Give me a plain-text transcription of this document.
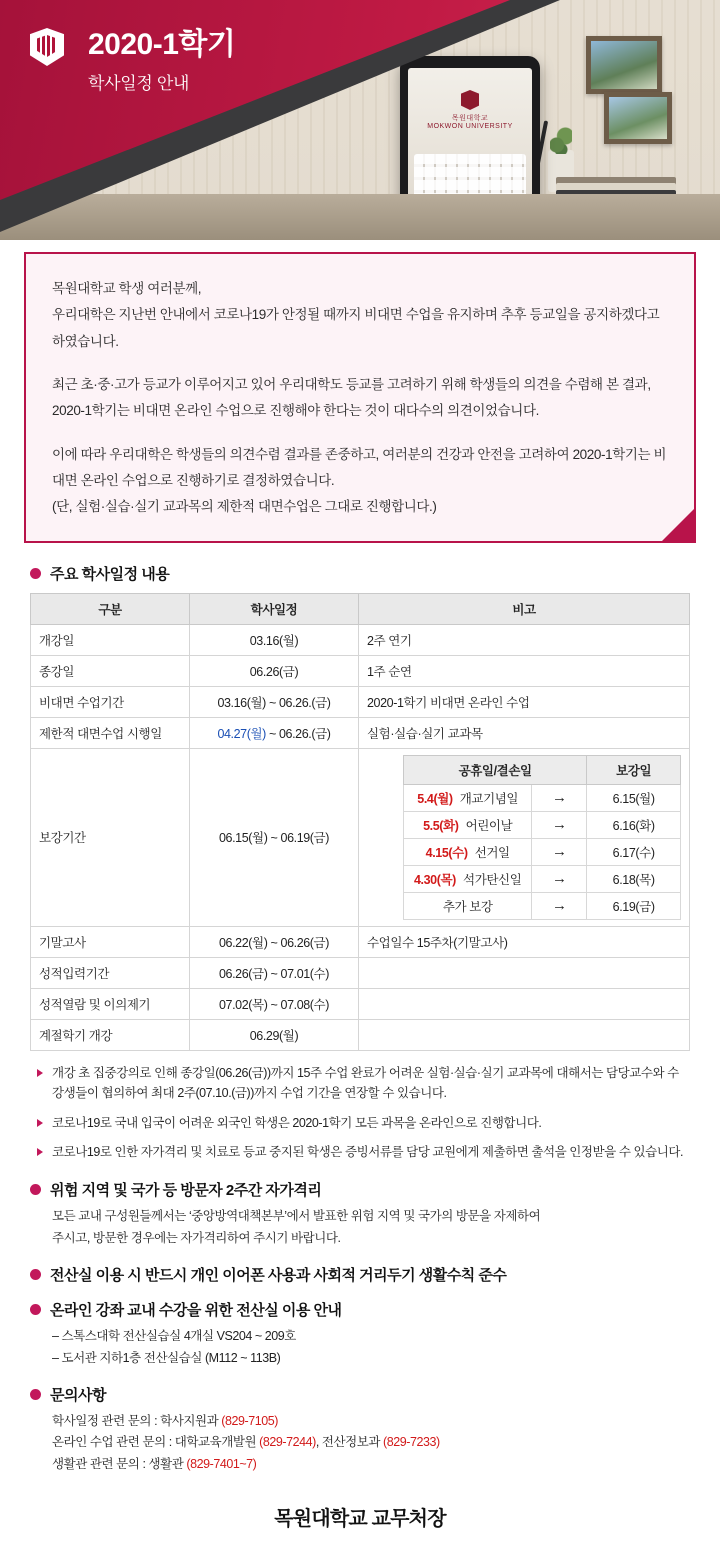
목원대학교
MOKWON UNIVERSITY
2020-1학기
학사일정 안내

목원대학교 학생 여러분께,
우리대학은 지난번 안내에서 코로나19가 안정될 때까지 비대면 수업을 유지하며 추후 등교일을 공지하겠다고 하였습니다.

최근 초·중·고가 등교가 이루어지고 있어 우리대학도 등교를 고려하기 위해 학생들의 의견을 수렴해 본 결과, 2020-1학기는 비대면 온라인 수업으로 진행해야 한다는 것이 대다수의 의견이었습니다.

이에 따라 우리대학은 학생들의 의견수렴 결과를 존중하고, 여러분의 건강과 안전을 고려하여 2020-1학기는 비대면 온라인 수업으로 진행하기로 결정하였습니다.
(단, 실험·실습·실기 교과목의 제한적 대면수업은 그대로 진행합니다.)

주요 학사일정 내용
구분	학사일정	비고
개강일	03.16(월)	2주 연기
종강일	06.26(금)	1주 순연
비대면 수업기간	03.16(월) ~ 06.26.(금)	2020-1학기 비대면 온라인 수업
제한적 대면수업 시행일	04.27(월) ~ 06.26.(금)	실험·실습·실기 교과목
보강기간	06.15(월) ~ 06.19(금)	
공휴일/결손일	보강일
5.4(월) 개교기념일	→	6.15(월)
5.5(화) 어린이날	→	6.16(화)
4.15(수) 선거일	→	6.17(수)
4.30(목) 석가탄신일	→	6.18(목)
추가 보강	→	6.19(금)

기말고사	06.22(월) ~ 06.26(금)	수업일수 15주차(기말고사)
성적입력기간	06.26(금) ~ 07.01(수)	
성적열람 및 이의제기	07.02(목) ~ 07.08(수)	
계절학기 개강	06.29(월)	
개강 초 집중강의로 인해 종강일(06.26(금))까지 15주 수업 완료가 어려운 실험·실습·실기 교과목에 대해서는 담당교수와 수강생들이 협의하여 최대 2주(07.10.(금))까지 수업 기간을 연장할 수 있습니다.
코로나19로 국내 입국이 어려운 외국인 학생은 2020-1학기 모든 과목을 온라인으로 진행합니다.
코로나19로 인한 자가격리 및 치료로 등교 중지된 학생은 증빙서류를 담당 교원에게 제출하면 출석을 인정받을 수 있습니다.
위험 지역 및 국가 등 방문자 2주간 자가격리
모든 교내 구성원들께서는 ‘중앙방역대책본부’에서 발표한 위험 지역 및 국가의 방문을 자제하여
주시고, 방문한 경우에는 자가격리하여 주시기 바랍니다.
전산실 이용 시 반드시 개인 이어폰 사용과 사회적 거리두기 생활수칙 준수
온라인 강좌 교내 수강을 위한 전산실 이용 안내
– 스톡스대학 전산실습실 4개실 VS204 ~ 209호
– 도서관 지하1층 전산실습실 (M112 ~ 113B)
문의사항
학사일정 관련 문의 : 학사지원과 (829-7105)
온라인 수업 관련 문의 : 대학교육개발원 (829-7244), 전산정보과 (829-7233)
생활관 관련 문의 : 생활관 (829-7401~7)
목원대학교 교무처장
